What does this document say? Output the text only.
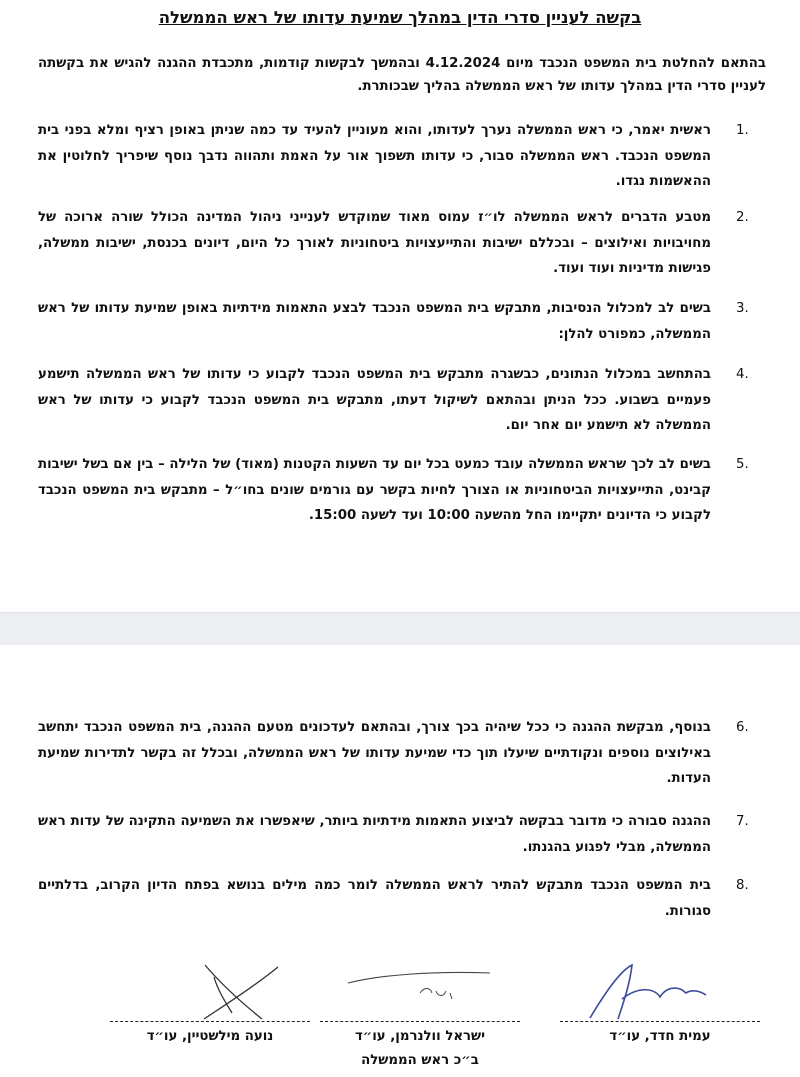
בקשה לעניין סדרי הדין במהלך שמיעת עדותו של ראש הממשלה
בהתאם להחלטת בית המשפט הנכבד מיום 4.12.2024 ובהמשך לבקשות קודמות, מתכבדת ההגנה להגיש את בקשתה לעניין סדרי הדין במהלך עדותו של ראש הממשלה בהליך שבכותרת.
1.
ראשית יאמר, כי ראש הממשלה נערך לעדותו, והוא מעוניין להעיד עד כמה שניתן באופן רציף ומלא בפני בית המשפט הנכבד. ראש הממשלה סבור, כי עדותו תשפוך אור על האמת ותהווה נדבך נוסף שיפריך לחלוטין את ההאשמות נגדו.
2.
מטבע הדברים לראש הממשלה לו״ז עמוס מאוד שמוקדש לענייני ניהול המדינה הכולל שורה ארוכה של מחויבויות ואילוצים – ובכללם ישיבות והתייעצויות ביטחוניות לאורך כל היום, דיונים בכנסת, ישיבות ממשלה, פגישות מדיניות ועוד ועוד.
3.
בשים לב למכלול הנסיבות, מתבקש בית המשפט הנכבד לבצע התאמות מידתיות באופן שמיעת עדותו של ראש הממשלה, כמפורט להלן:
4.
בהתחשב במכלול הנתונים, כבשגרה מתבקש בית המשפט הנכבד לקבוע כי עדותו של ראש הממשלה תישמע פעמיים בשבוע. ככל הניתן ובהתאם לשיקול דעתו, מתבקש בית המשפט הנכבד לקבוע כי עדותו של ראש הממשלה לא תישמע יום אחר יום.
5.
בשים לב לכך שראש הממשלה עובד כמעט בכל יום עד השעות הקטנות (מאוד) של הלילה – בין אם בשל ישיבות קבינט, התייעצויות הביטחוניות או הצורך לחיות בקשר עם גורמים שונים בחו״ל – מתבקש בית המשפט הנכבד לקבוע כי הדיונים יתקיימו החל מהשעה 10:00 ועד לשעה 15:00.
6.
בנוסף, מבקשת ההגנה כי ככל שיהיה בכך צורך, ובהתאם לעדכונים מטעם ההגנה, בית המשפט הנכבד יתחשב באילוצים נוספים ונקודתיים שיעלו תוך כדי שמיעת עדותו של ראש הממשלה, ובכלל זה בקשר לתדירות שמיעת העדות.
7.
ההגנה סבורה כי מדובר בבקשה לביצוע התאמות מידתיות ביותר, שיאפשרו את השמיעה התקינה של עדות ראש הממשלה, מבלי לפגוע בהגנתו.
8.
בית המשפט הנכבד מתבקש להתיר לראש הממשלה לומר כמה מילים בנושא בפתח הדיון הקרוב, בדלתיים סגורות.
עמית חדד, עו״ד
ישראל וולנרמן, עו״ד
ב״כ ראש הממשלה
נועה מילשטיין, עו״ד
